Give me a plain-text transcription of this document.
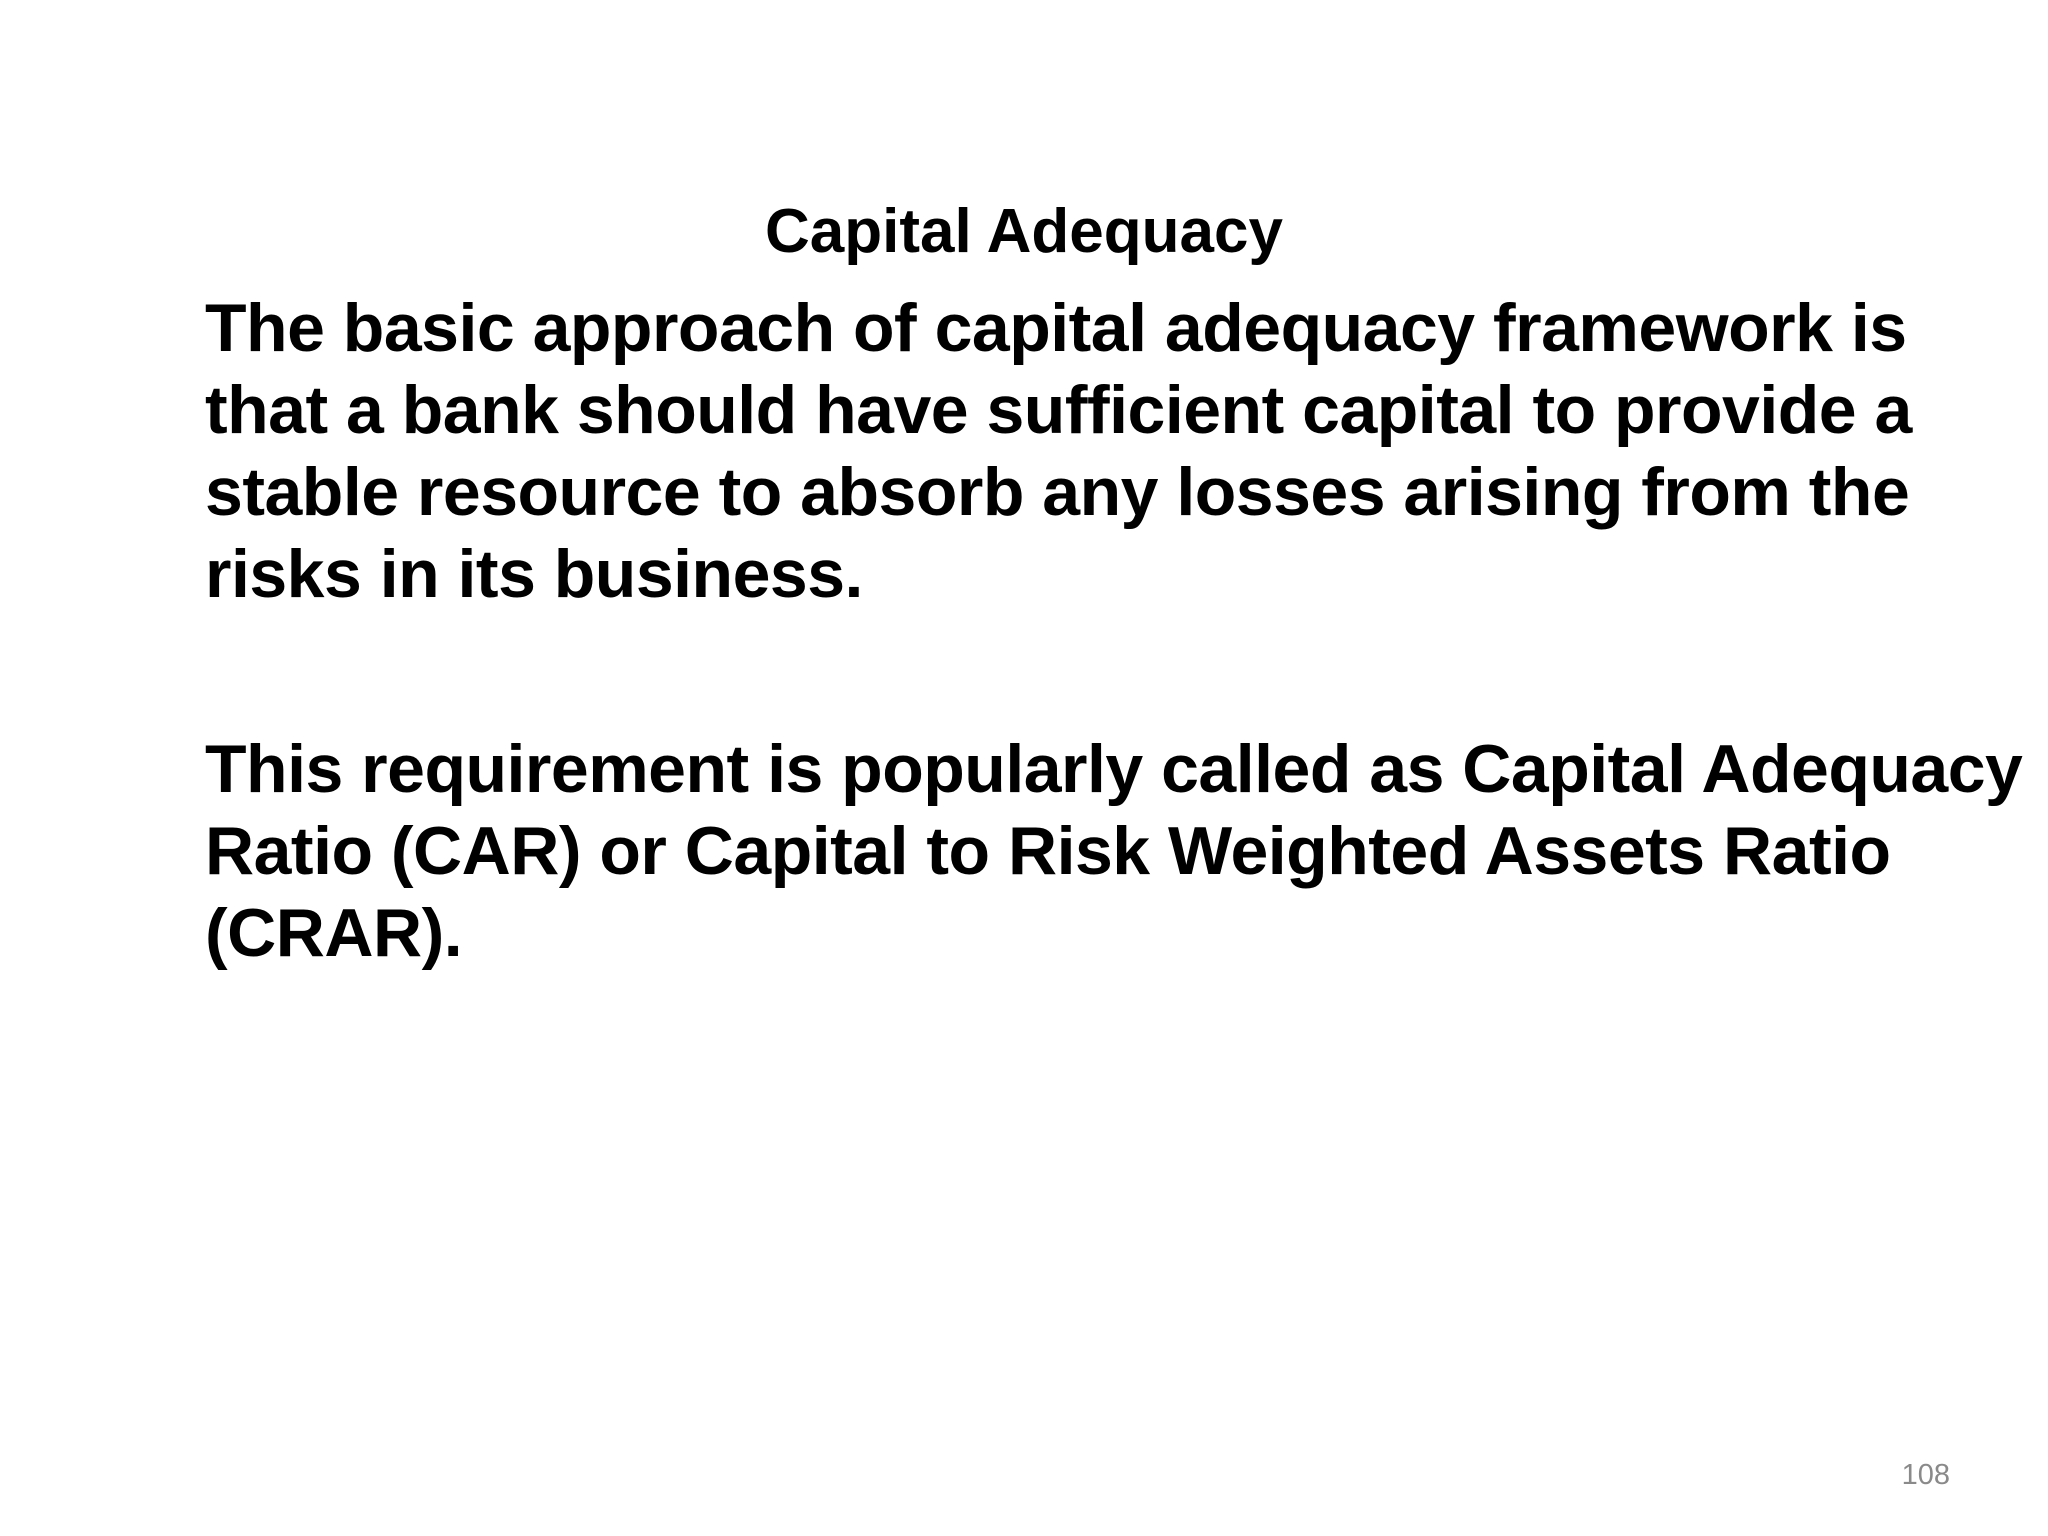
Capital Adequacy

The basic approach of capital adequacy framework is
that a bank should have sufficient capital to provide a
stable resource to absorb any losses arising from the
risks in its business.

This requirement is popularly called as Capital Adequacy
Ratio (CAR) or Capital to Risk Weighted Assets Ratio
(CRAR).

108
